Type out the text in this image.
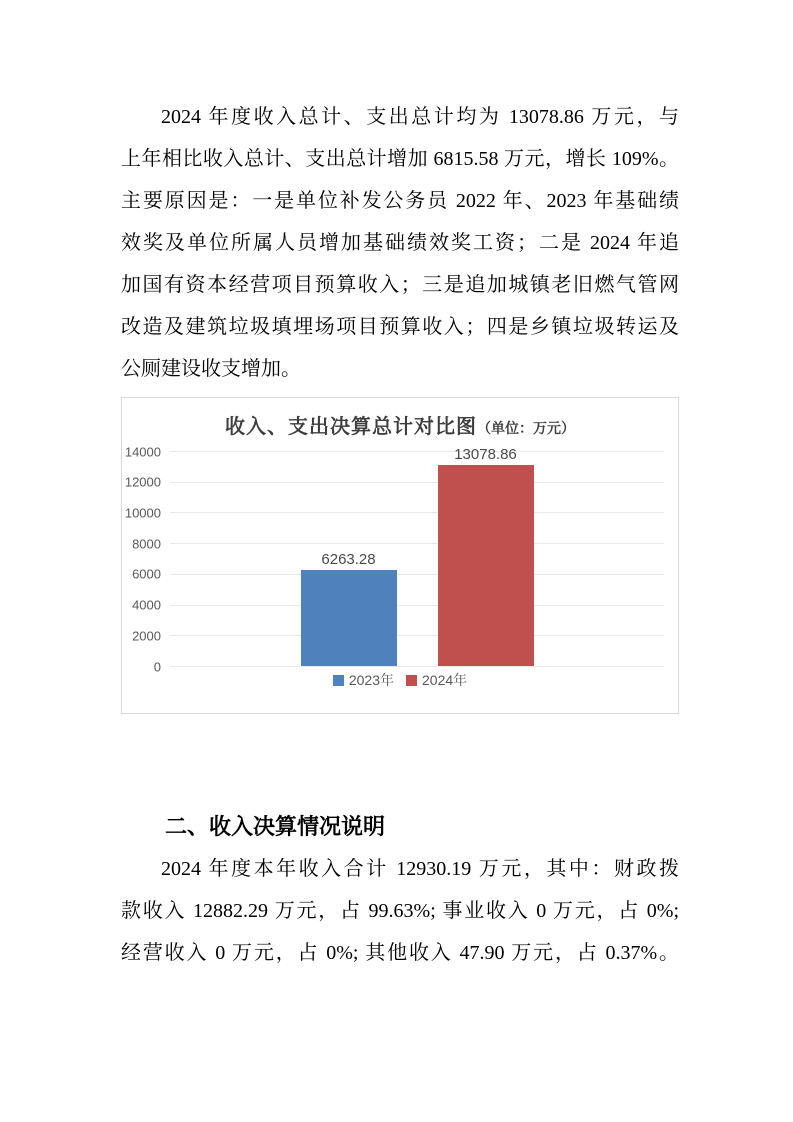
2024 年度收入总计、支出总计均为 13078.86 万元，与
上年相比收入总计、支出总计增加 6815.58 万元，增长 109%。
主要原因是：一是单位补发公务员 2022 年、2023 年基础绩
效奖及单位所属人员增加基础绩效奖工资；二是 2024 年追
加国有资本经营项目预算收入；三是追加城镇老旧燃气管网
改造及建筑垃圾填埋场项目预算收入；四是乡镇垃圾转运及
公厕建设收支增加。
收入、支出决算总计对比图（单位：万元）
0
2000
4000
6000
8000
10000
12000
14000
6263.28
13078.86
2023年 2024年
二、收入决算情况说明
2024 年度本年收入合计 12930.19 万元，其中：财政拨
款收入 12882.29 万元，占 99.63%; 事业收入 0 万元，占 0%;
经营收入 0 万元，占 0%; 其他收入 47.90 万元，占 0.37%。
